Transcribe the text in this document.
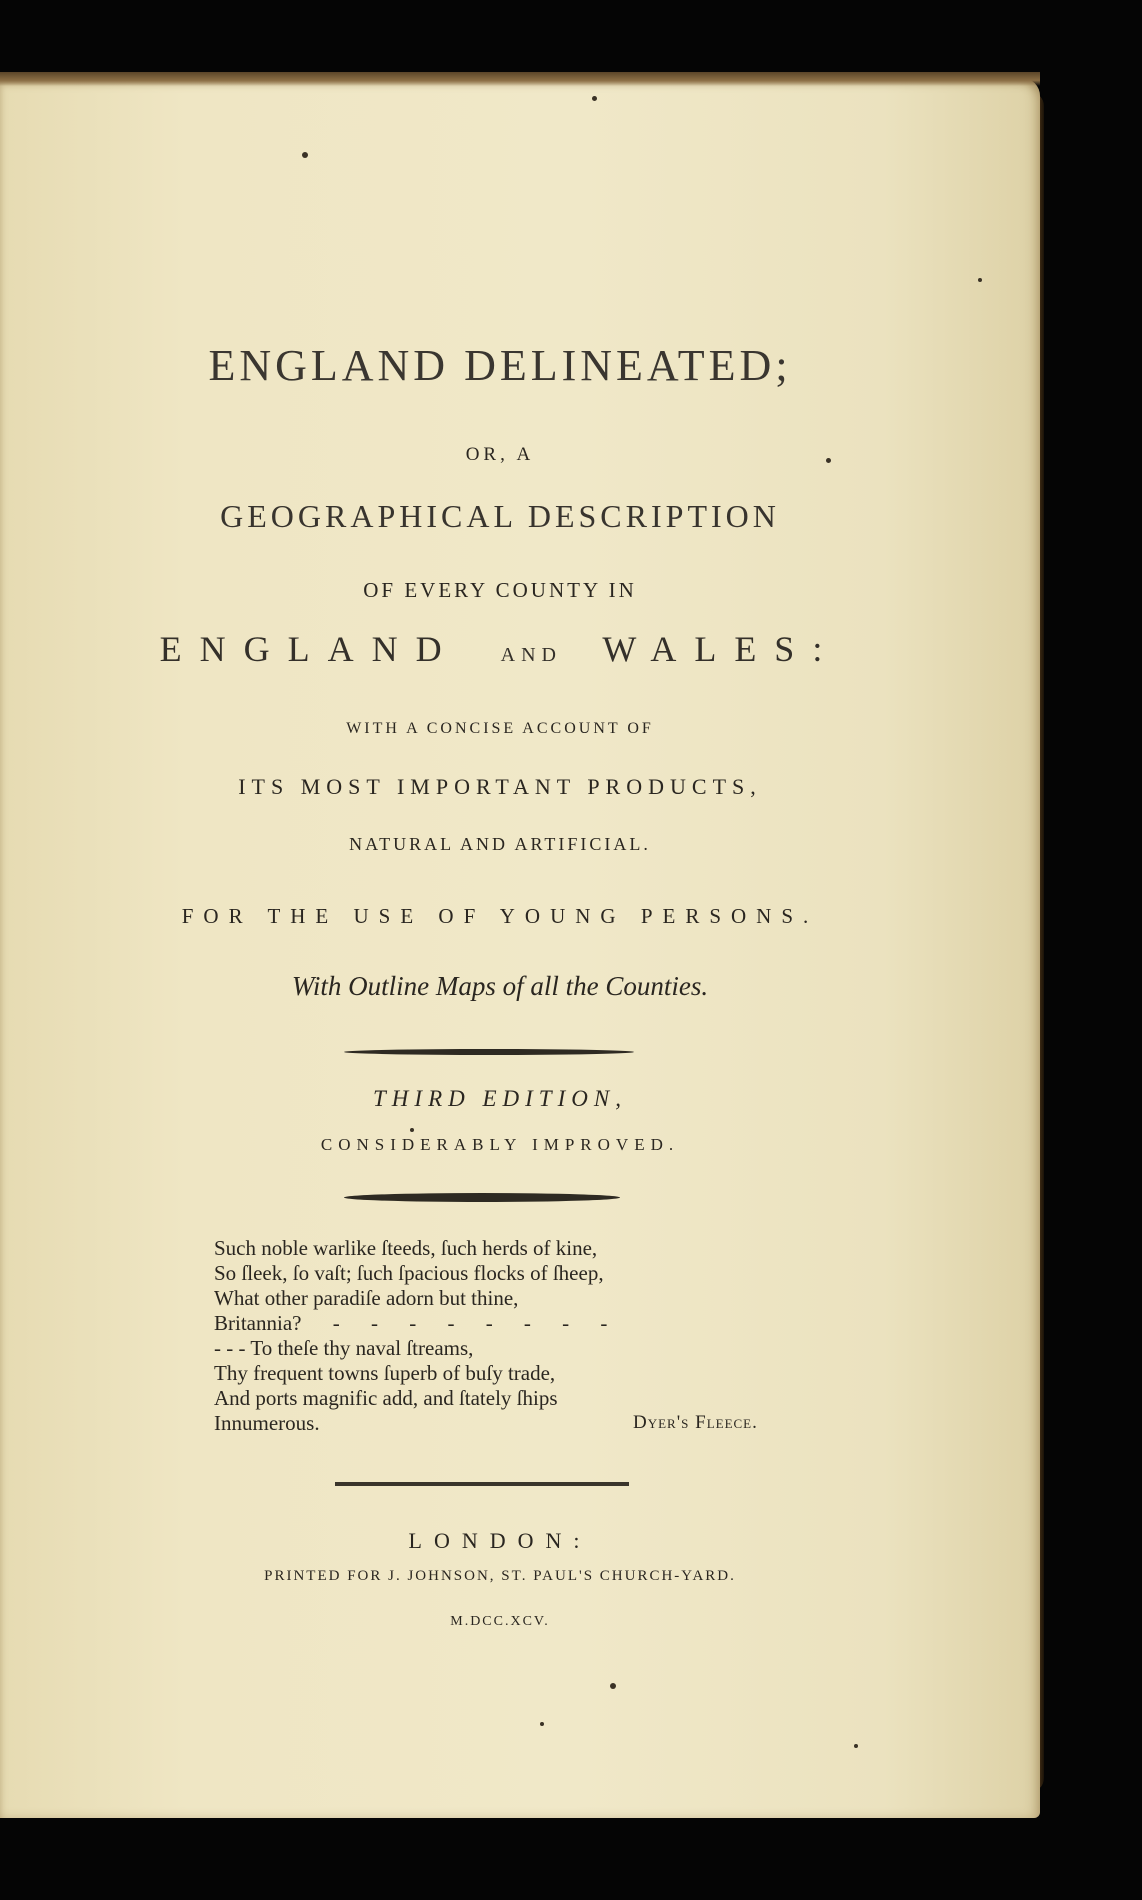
ENGLAND DELINEATED;
OR, A
GEOGRAPHICAL DESCRIPTION
OF EVERY COUNTY IN
ENGLAND AND WALES:
WITH A CONCISE ACCOUNT OF
ITS MOST IMPORTANT PRODUCTS,
NATURAL AND ARTIFICIAL.
FOR THE USE OF YOUNG PERSONS.
With Outline Maps of all the Counties.
THIRD EDITION,
CONSIDERABLY IMPROVED.
Such noble warlike ſteeds, ſuch herds of kine,
So ſleek, ſo vaſt; ſuch ſpacious flocks of ſheep,
What other paradiſe adorn but thine,
Britannia? - - - - - - - -
- - - To theſe thy naval ſtreams,
Thy frequent towns ſuperb of buſy trade,
And ports magnific add, and ſtately ſhips
Innumerous.	Dyer's Fleece.
LONDON:
PRINTED FOR J. JOHNSON, ST. PAUL'S CHURCH-YARD.
M.DCC.XCV.
